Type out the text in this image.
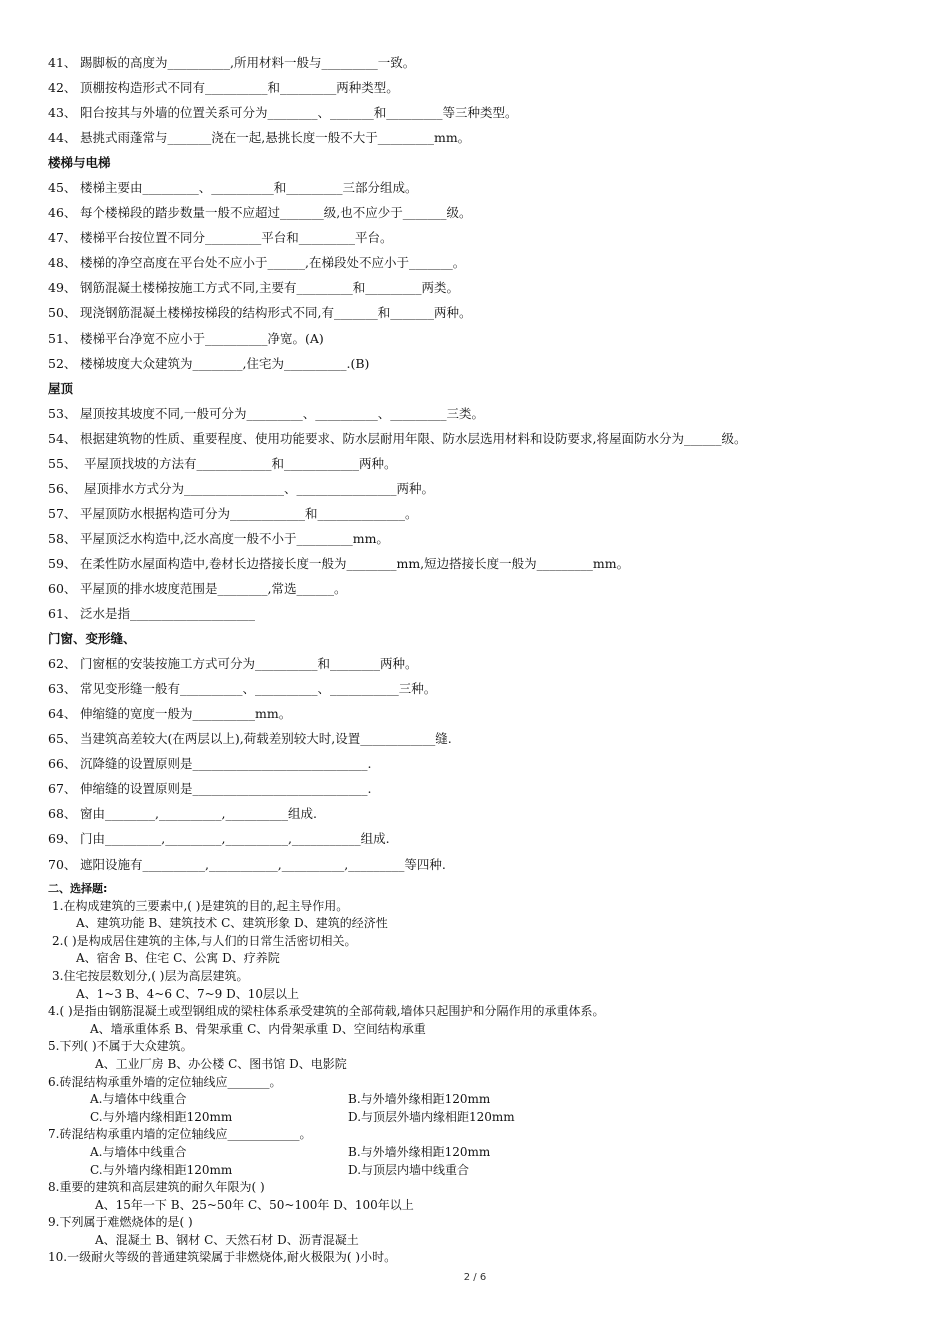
41、 踢脚板的高度为__________,所用材料一般与_________一致。
42、 顶棚按构造形式不同有__________和_________两种类型。
43、 阳台按其与外墙的位置关系可分为________、_______和_________等三种类型。
44、 悬挑式雨蓬常与_______浇在一起,悬挑长度一般不大于_________mm。
楼梯与电梯
45、 楼梯主要由_________、__________和_________三部分组成。
46、 每个楼梯段的踏步数量一般不应超过_______级,也不应少于_______级。
47、 楼梯平台按位置不同分_________平台和_________平台。
48、 楼梯的净空高度在平台处不应小于______,在梯段处不应小于_______。
49、 钢筋混凝土楼梯按施工方式不同,主要有_________和_________两类。
50、 现浇钢筋混凝土楼梯按梯段的结构形式不同,有_______和_______两种。
51、 楼梯平台净宽不应小于__________净宽。(A)
52、 楼梯坡度大众建筑为________,住宅为__________.(B)
屋顶
53、 屋顶按其坡度不同,一般可分为_________、__________、_________三类。
54、 根据建筑物的性质、重要程度、使用功能要求、防水层耐用年限、防水层选用材料和设防要求,将屋面防水分为______级。
55、 平屋顶找坡的方法有____________和____________两种。
56、 屋顶排水方式分为________________、________________两种。
57、 平屋顶防水根据构造可分为____________和______________。
58、 平屋顶泛水构造中,泛水高度一般不小于_________mm。
59、 在柔性防水屋面构造中,卷材长边搭接长度一般为________mm,短边搭接长度一般为_________mm。
60、 平屋顶的排水坡度范围是________,常选______。
61、 泛水是指____________________
门窗、变形缝、
62、 门窗框的安装按施工方式可分为__________和________两种。
63、 常见变形缝一般有__________、__________、___________三种。
64、 伸缩缝的宽度一般为__________mm。
65、 当建筑高差较大(在两层以上),荷载差别较大时,设置____________缝.
66、 沉降缝的设置原则是____________________________.
67、 伸缩缝的设置原则是____________________________.
68、 窗由________,__________,__________组成.
69、 门由_________,_________,__________,___________组成.
70、 遮阳设施有__________,___________,__________,_________等四种.
二、选择题:
1.在构成建筑的三要素中,( )是建筑的目的,起主导作用。
A、建筑功能 B、建筑技术 C、建筑形象 D、建筑的经济性
2.( )是构成居住建筑的主体,与人们的日常生活密切相关。
A、宿舍 B、住宅 C、公寓 D、疗养院
3.住宅按层数划分,( )层为高层建筑。
A、1~3 B、4~6 C、7~9 D、10层以上
4.( )是指由钢筋混凝土或型钢组成的梁柱体系承受建筑的全部荷载,墙体只起围护和分隔作用的承重体系。
A、墙承重体系 B、骨架承重 C、内骨架承重 D、空间结构承重
5.下列( )不属于大众建筑。
A、工业厂房 B、办公楼 C、图书馆 D、电影院
6.砖混结构承重外墙的定位轴线应_______。
A.与墙体中线重合	B.与外墙外缘相距120mm
C.与外墙内缘相距120mm	D.与顶层外墙内缘相距120mm
7.砖混结构承重内墙的定位轴线应____________。
A.与墙体中线重合	B.与外墙外缘相距120mm
C.与外墙内缘相距120mm	D.与顶层内墙中线重合
8.重要的建筑和高层建筑的耐久年限为( )
A、15年一下 B、25~50年 C、50~100年 D、100年以上
9.下列属于难燃烧体的是( )
A、混凝土 B、钢材 C、天然石材 D、沥青混凝土
10.一级耐火等级的普通建筑梁属于非燃烧体,耐火极限为( )小时。
2 / 6
